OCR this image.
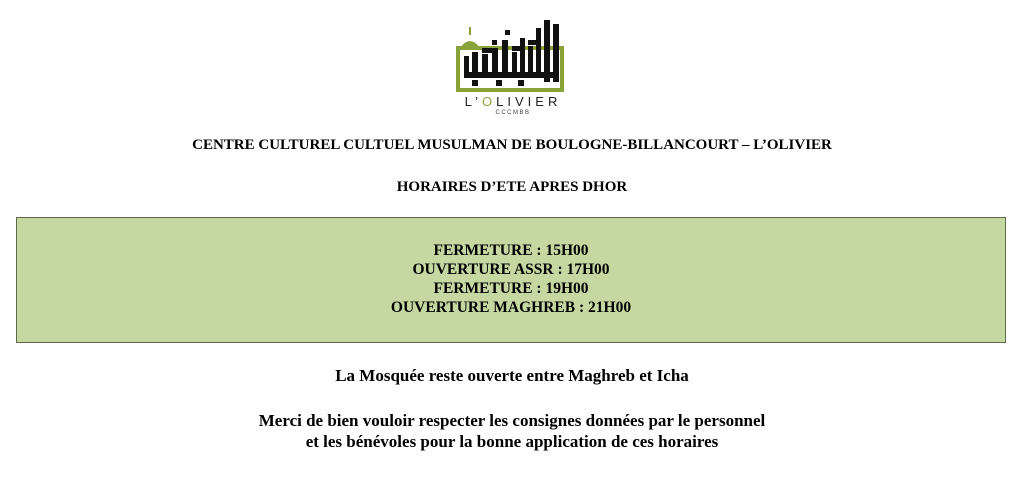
L’OLIVIER
CCCMBB
CENTRE CULTUREL CULTUEL MUSULMAN DE BOULOGNE-BILLANCOURT – L’OLIVIER
HORAIRES D’ETE APRES DHOR
FERMETURE : 15H00
OUVERTURE ASSR : 17H00
FERMETURE : 19H00
OUVERTURE MAGHREB : 21H00
La Mosquée reste ouverte entre Maghreb et Icha
Merci de bien vouloir respecter les consignes données par le personnel
et les bénévoles pour la bonne application de ces horaires
